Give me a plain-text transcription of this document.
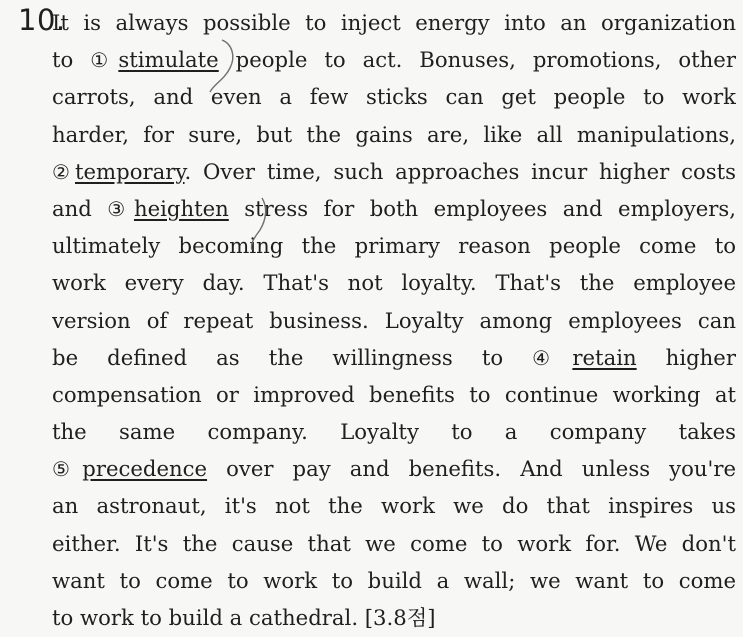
10.
It is always possible to inject energy into an organization
to ①stimulate people to act. Bonuses, promotions, other
carrots, and even a few sticks can get people to work
harder, for sure, but the gains are, like all manipulations,
②temporary. Over time, such approaches incur higher costs
and ③heighten stress for both employees and employers,
ultimately becoming the primary reason people come to
work every day. That's not loyalty. That's the employee
version of repeat business. Loyalty among employees can
be defined as the willingness to ④retain higher
compensation or improved benefits to continue working at
the same company. Loyalty to a company takes
⑤precedence over pay and benefits. And unless you're
an astronaut, it's not the work we do that inspires us
either. It's the cause that we come to work for. We don't
want to come to work to build a wall; we want to come
to work to build a cathedral. [3.8점]
